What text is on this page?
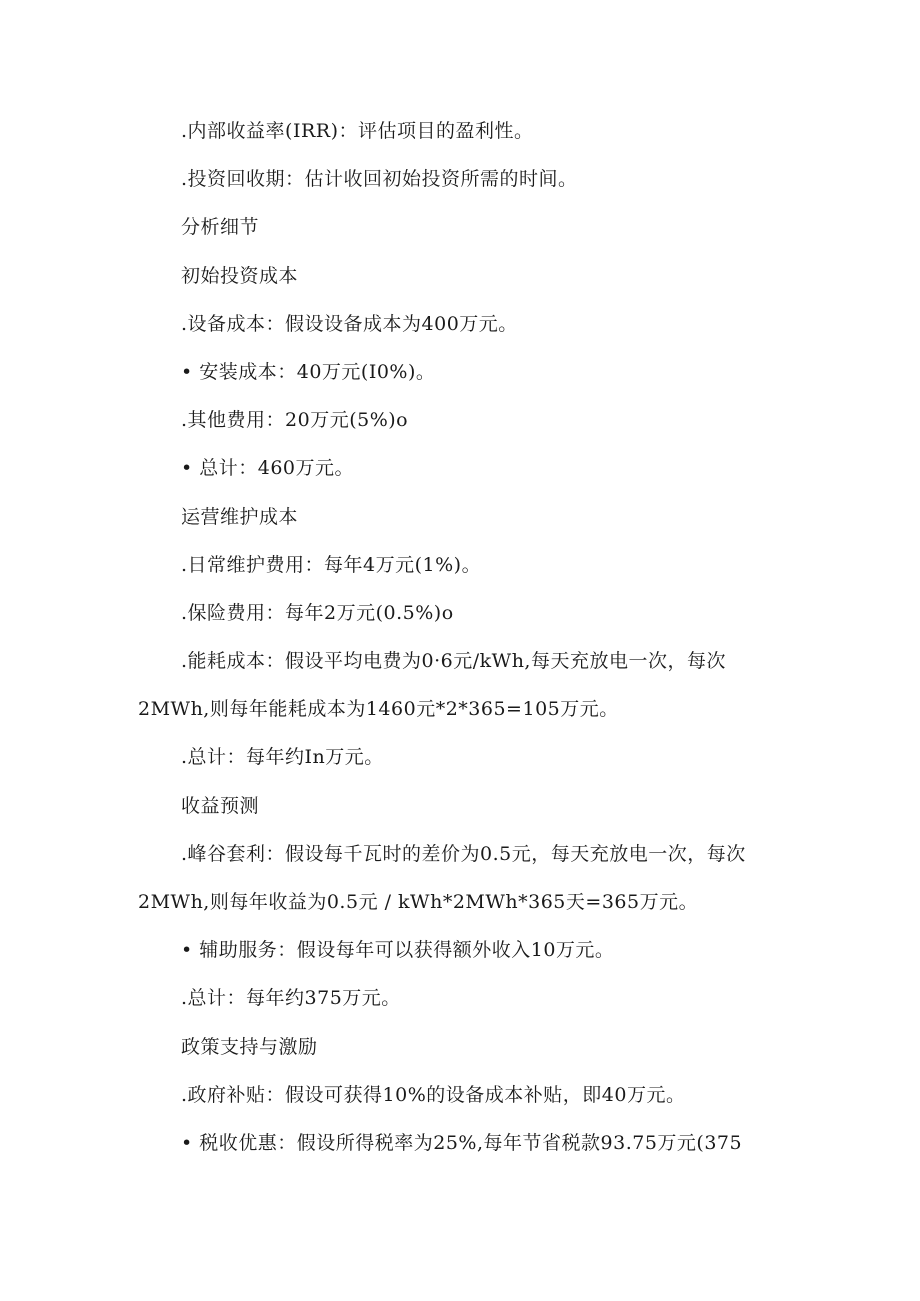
.内部收益率(IRR)：评估项目的盈利性。
.投资回收期：估计收回初始投资所需的时间。
分析细节
初始投资成本
.设备成本：假设设备成本为400万元。
• 安装成本：40万元(I0%)。
.其他费用：20万元(5%)o
• 总计：460万元。
运营维护成本
.日常维护费用：每年4万元(1%)。
.保险费用：每年2万元(0.5%)o
.能耗成本：假设平均电费为0·6元/kWh,每天充放电一次，每次
2MWh,则每年能耗成本为1460元*2*365=105万元。
.总计：每年约In万元。
收益预测
.峰谷套利：假设每千瓦时的差价为0.5元，每天充放电一次，每次
2MWh,则每年收益为0.5元 / kWh*2MWh*365天=365万元。
• 辅助服务：假设每年可以获得额外收入10万元。
.总计：每年约375万元。
政策支持与激励
.政府补贴：假设可获得10%的设备成本补贴，即40万元。
• 税收优惠：假设所得税率为25%,每年节省税款93.75万元(375
